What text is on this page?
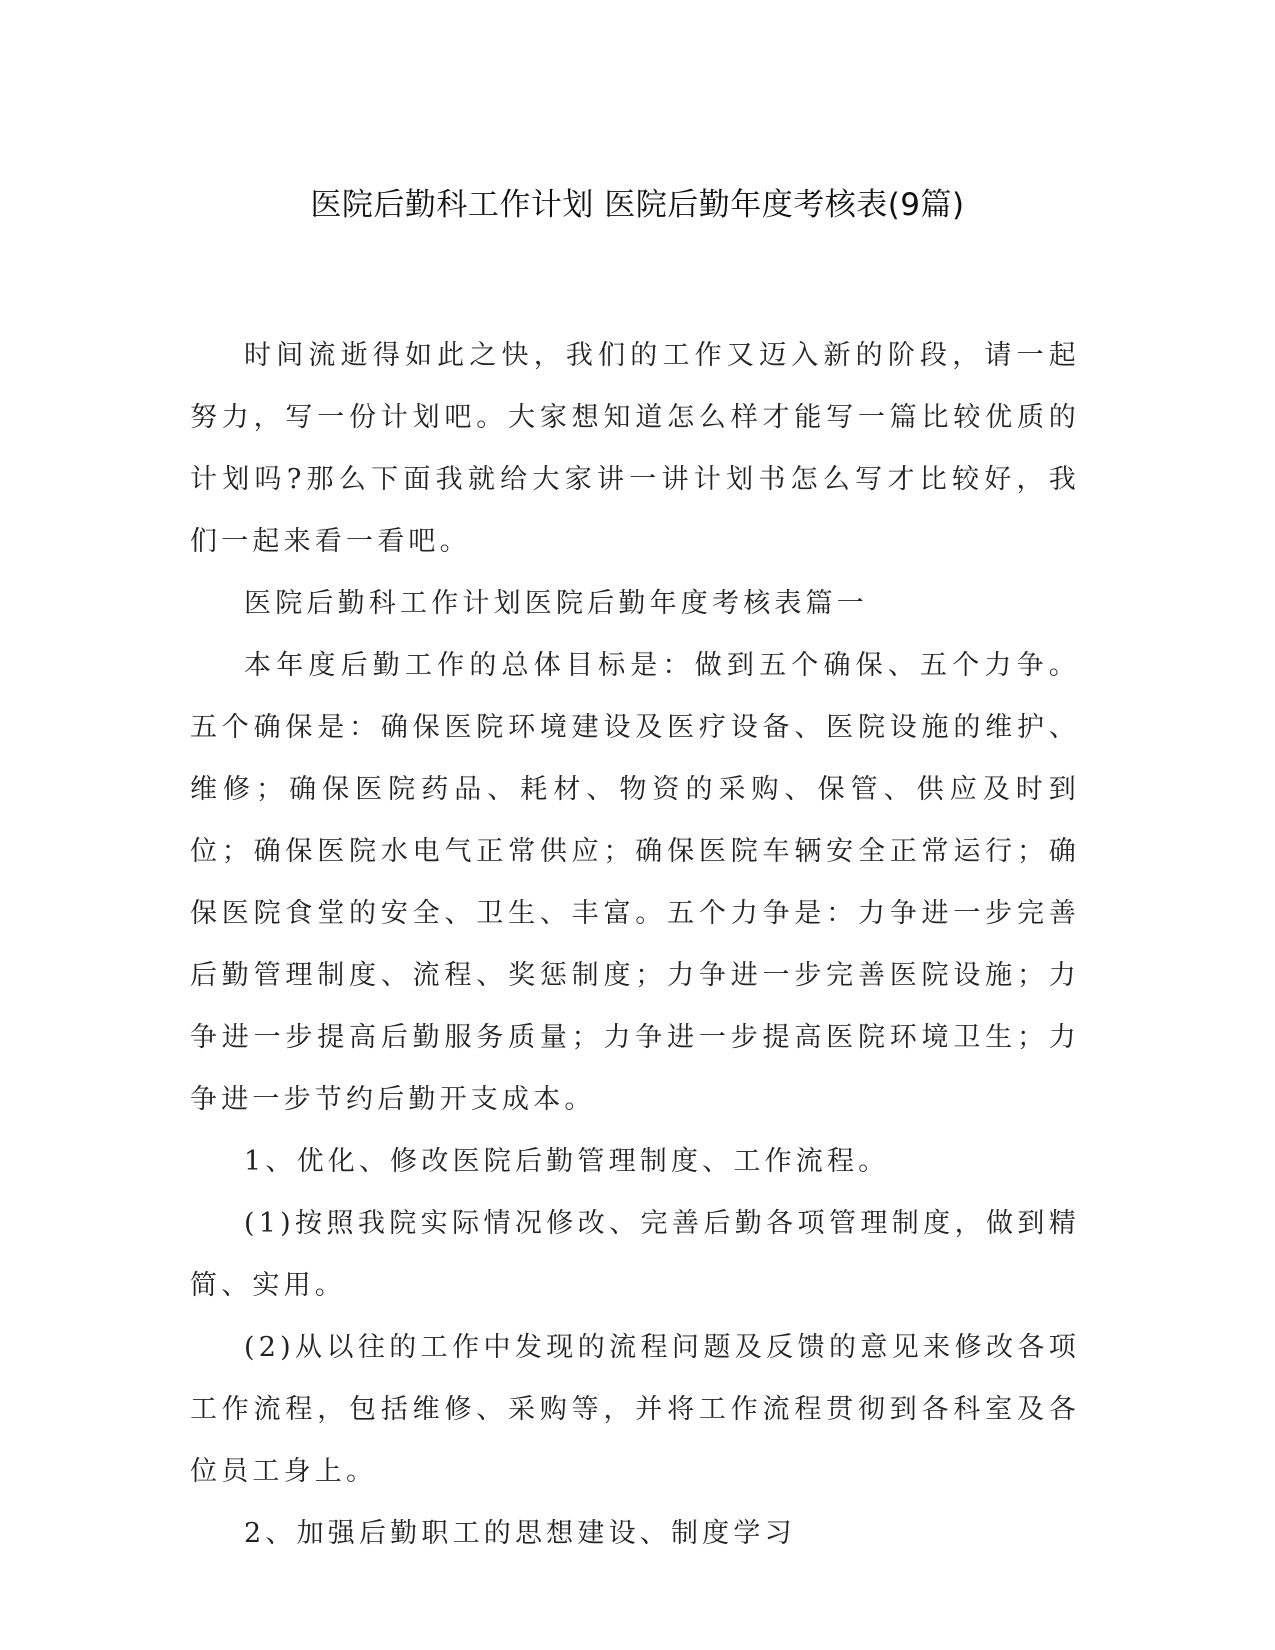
医院后勤科工作计划 医院后勤年度考核表(9篇)

时间流逝得如此之快，我们的工作又迈入新的阶段，请一起努力，写一份计划吧。大家想知道怎么样才能写一篇比较优质的计划吗?那么下面我就给大家讲一讲计划书怎么写才比较好，我们一起来看一看吧。

医院后勤科工作计划医院后勤年度考核表篇一

本年度后勤工作的总体目标是：做到五个确保、五个力争。五个确保是：确保医院环境建设及医疗设备、医院设施的维护、维修；确保医院药品、耗材、物资的采购、保管、供应及时到位；确保医院水电气正常供应；确保医院车辆安全正常运行；确保医院食堂的安全、卫生、丰富。五个力争是：力争进一步完善后勤管理制度、流程、奖惩制度；力争进一步完善医院设施；力争进一步提高后勤服务质量；力争进一步提高医院环境卫生；力争进一步节约后勤开支成本。

1、优化、修改医院后勤管理制度、工作流程。

(1)按照我院实际情况修改、完善后勤各项管理制度，做到精简、实用。

(2)从以往的工作中发现的流程问题及反馈的意见来修改各项工作流程，包括维修、采购等，并将工作流程贯彻到各科室及各位员工身上。

2、加强后勤职工的思想建设、制度学习
